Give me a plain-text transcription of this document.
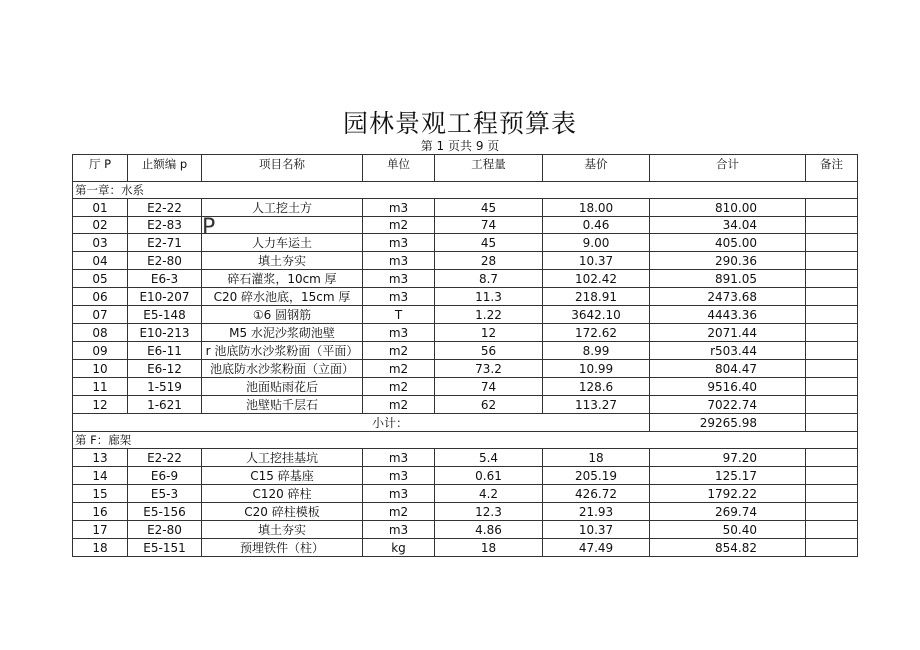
园林景观工程预算表
第 1 页共 9 页
厅 P	止额编 p	项目名称	单位	工程量	基价	合计	备注
第一章：水系							
01	E2-22	人工挖土方	m3	45	18.00	810.00	
02	E2-83		m2	74	0.46	34.04	
03	E2-71	人力车运土	m3	45	9.00	405.00	
04	E2-80	填土夯实	m3	28	10.37	290.36	
05	E6-3	碎石灌浆，10cm 厚	m3	8.7	102.42	891.05	
06	E10-207	C20 碎水池底，15cm 厚	m3	11.3	218.91	2473.68	
07	E5-148	①6 圆钢筋	T	1.22	3642.10	4443.36	
08	E10-213	M5 水泥沙浆砌池壁	m3	12	172.62	2071.44	
09	E6-11	r 池底防水沙浆粉面（平面）	m2	56	8.99	r503.44	
10	E6-12	池底防水沙浆粉面（立面）	m2	73.2	10.99	804.47	
11	1-519	池面贴雨花后	m2	74	128.6	9516.40	
12	1-621	池壁贴千层石	m2	62	113.27	7022.74	
小计：						29265.98	
第 F：廊架							
13	E2-22	人工挖挂基坑	m3	5.4	18	97.20	
14	E6-9	C15 碎基座	m3	0.61	205.19	125.17	
15	E5-3	C120 碎柱	m3	4.2	426.72	1792.22	
16	E5-156	C20 碎柱模板	m2	12.3	21.93	269.74	
17	E2-80	填土夯实	m3	4.86	10.37	50.40	
18	E5-151	预埋铁件（柱）	kg	18	47.49	854.82	
P
